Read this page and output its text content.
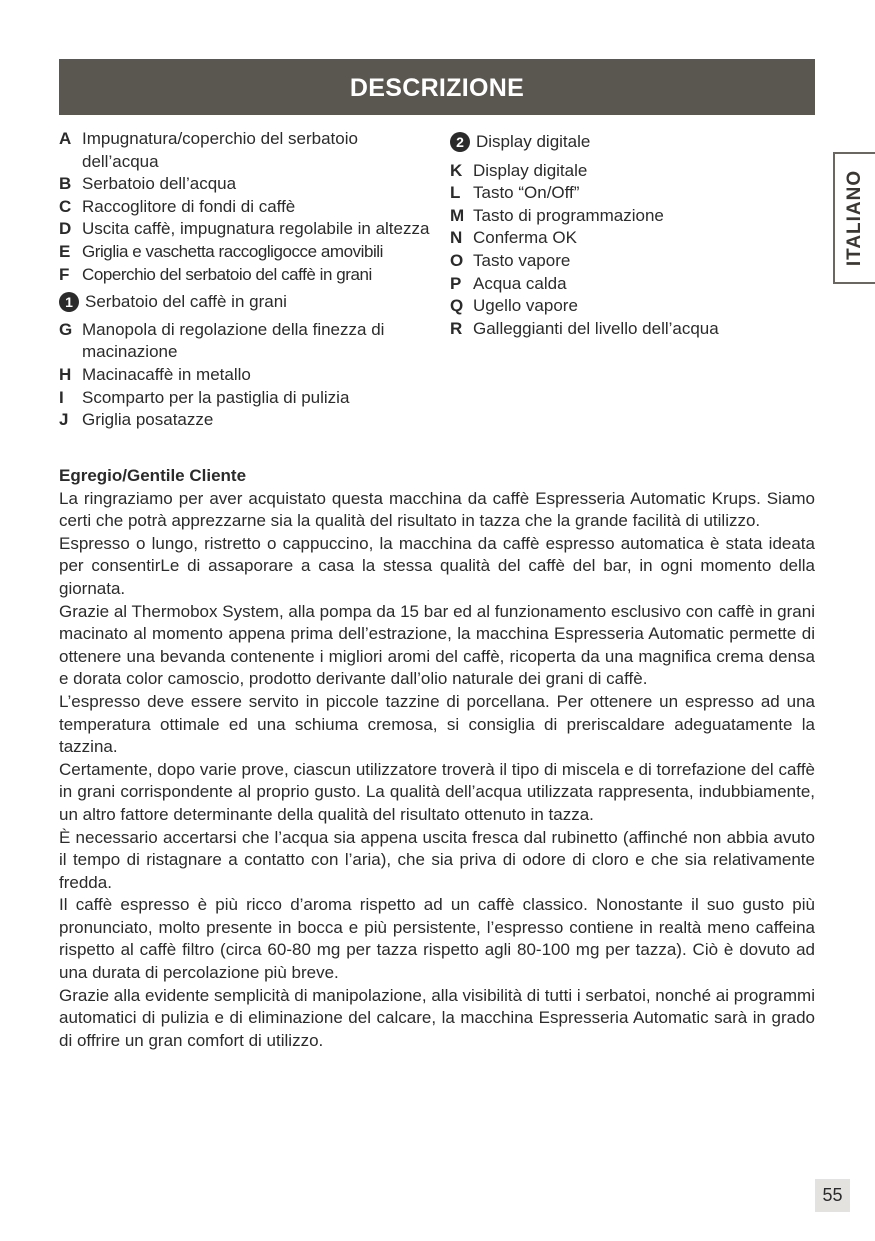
DESCRIZIONE
ITALIANO
A Impugnatura/coperchio del serbatoio dell’acqua
B Serbatoio dell’acqua
C Raccoglitore di fondi di caffè
D Uscita caffè, impugnatura regolabile in altezza
E Griglia e vaschetta raccogligocce amovibili
F Coperchio del serbatoio del caffè in grani
1 Serbatoio del caffè in grani
G Manopola di regolazione della finezza di macinazione
H Macinacaffè in metallo
I	Scomparto per la pastiglia di pulizia
J Griglia posatazze
2 Display digitale
K Display digitale
L Tasto “On/Off”
M Tasto di programmazione
N Conferma OK
O Tasto vapore
P Acqua calda
Q Ugello vapore
R Galleggianti del livello dell’acqua

Egregio/Gentile Cliente

La ringraziamo per aver acquistato questa macchina da caffè Espresseria Automatic Krups. Siamo certi che potrà apprezzarne sia la qualità del risultato in tazza che la grande facilità di utilizzo.

Espresso o lungo, ristretto o cappuccino, la macchina da caffè espresso automatica è stata ideata per consentirLe di assaporare a casa la stessa qualità del caffè del bar, in ogni momento della giornata.

Grazie al Thermobox System, alla pompa da 15 bar ed al funzionamento esclusivo con caffè in grani macinato al momento appena prima dell’estrazione, la macchina Espresseria Automatic permette di ottenere una bevanda contenente i migliori aromi del caffè, ricoperta da una magnifica crema densa e dorata color camoscio, prodotto derivante dall’olio naturale dei grani di caffè.

L’espresso deve essere servito in piccole tazzine di porcellana. Per ottenere un espresso ad una temperatura ottimale ed una schiuma cremosa, si consiglia di preriscaldare adeguatamente la tazzina.

Certamente, dopo varie prove, ciascun utilizzatore troverà il tipo di miscela e di torrefazione del caffè in grani corrispondente al proprio gusto. La qualità dell’acqua utilizzata rappresenta, indubbiamente, un altro fattore determinante della qualità del risultato ottenuto in tazza.

È necessario accertarsi che l’acqua sia appena uscita fresca dal rubinetto (affinché non abbia avuto il tempo di ristagnare a contatto con l’aria), che sia priva di odore di cloro e che sia relativamente fredda.

Il caffè espresso è più ricco d’aroma rispetto ad un caffè classico. Nonostante il suo gusto più pronunciato, molto presente in bocca e più persistente, l’espresso contiene in realtà meno caffeina rispetto al caffè filtro (circa 60-80 mg per tazza rispetto agli 80-100 mg per tazza). Ciò è dovuto ad una durata di percolazione più breve.

Grazie alla evidente semplicità di manipolazione, alla visibilità di tutti i serbatoi, nonché ai programmi automatici di pulizia e di eliminazione del calcare, la macchina Espresseria Automatic sarà in grado di offrire un gran comfort di utilizzo.

55
